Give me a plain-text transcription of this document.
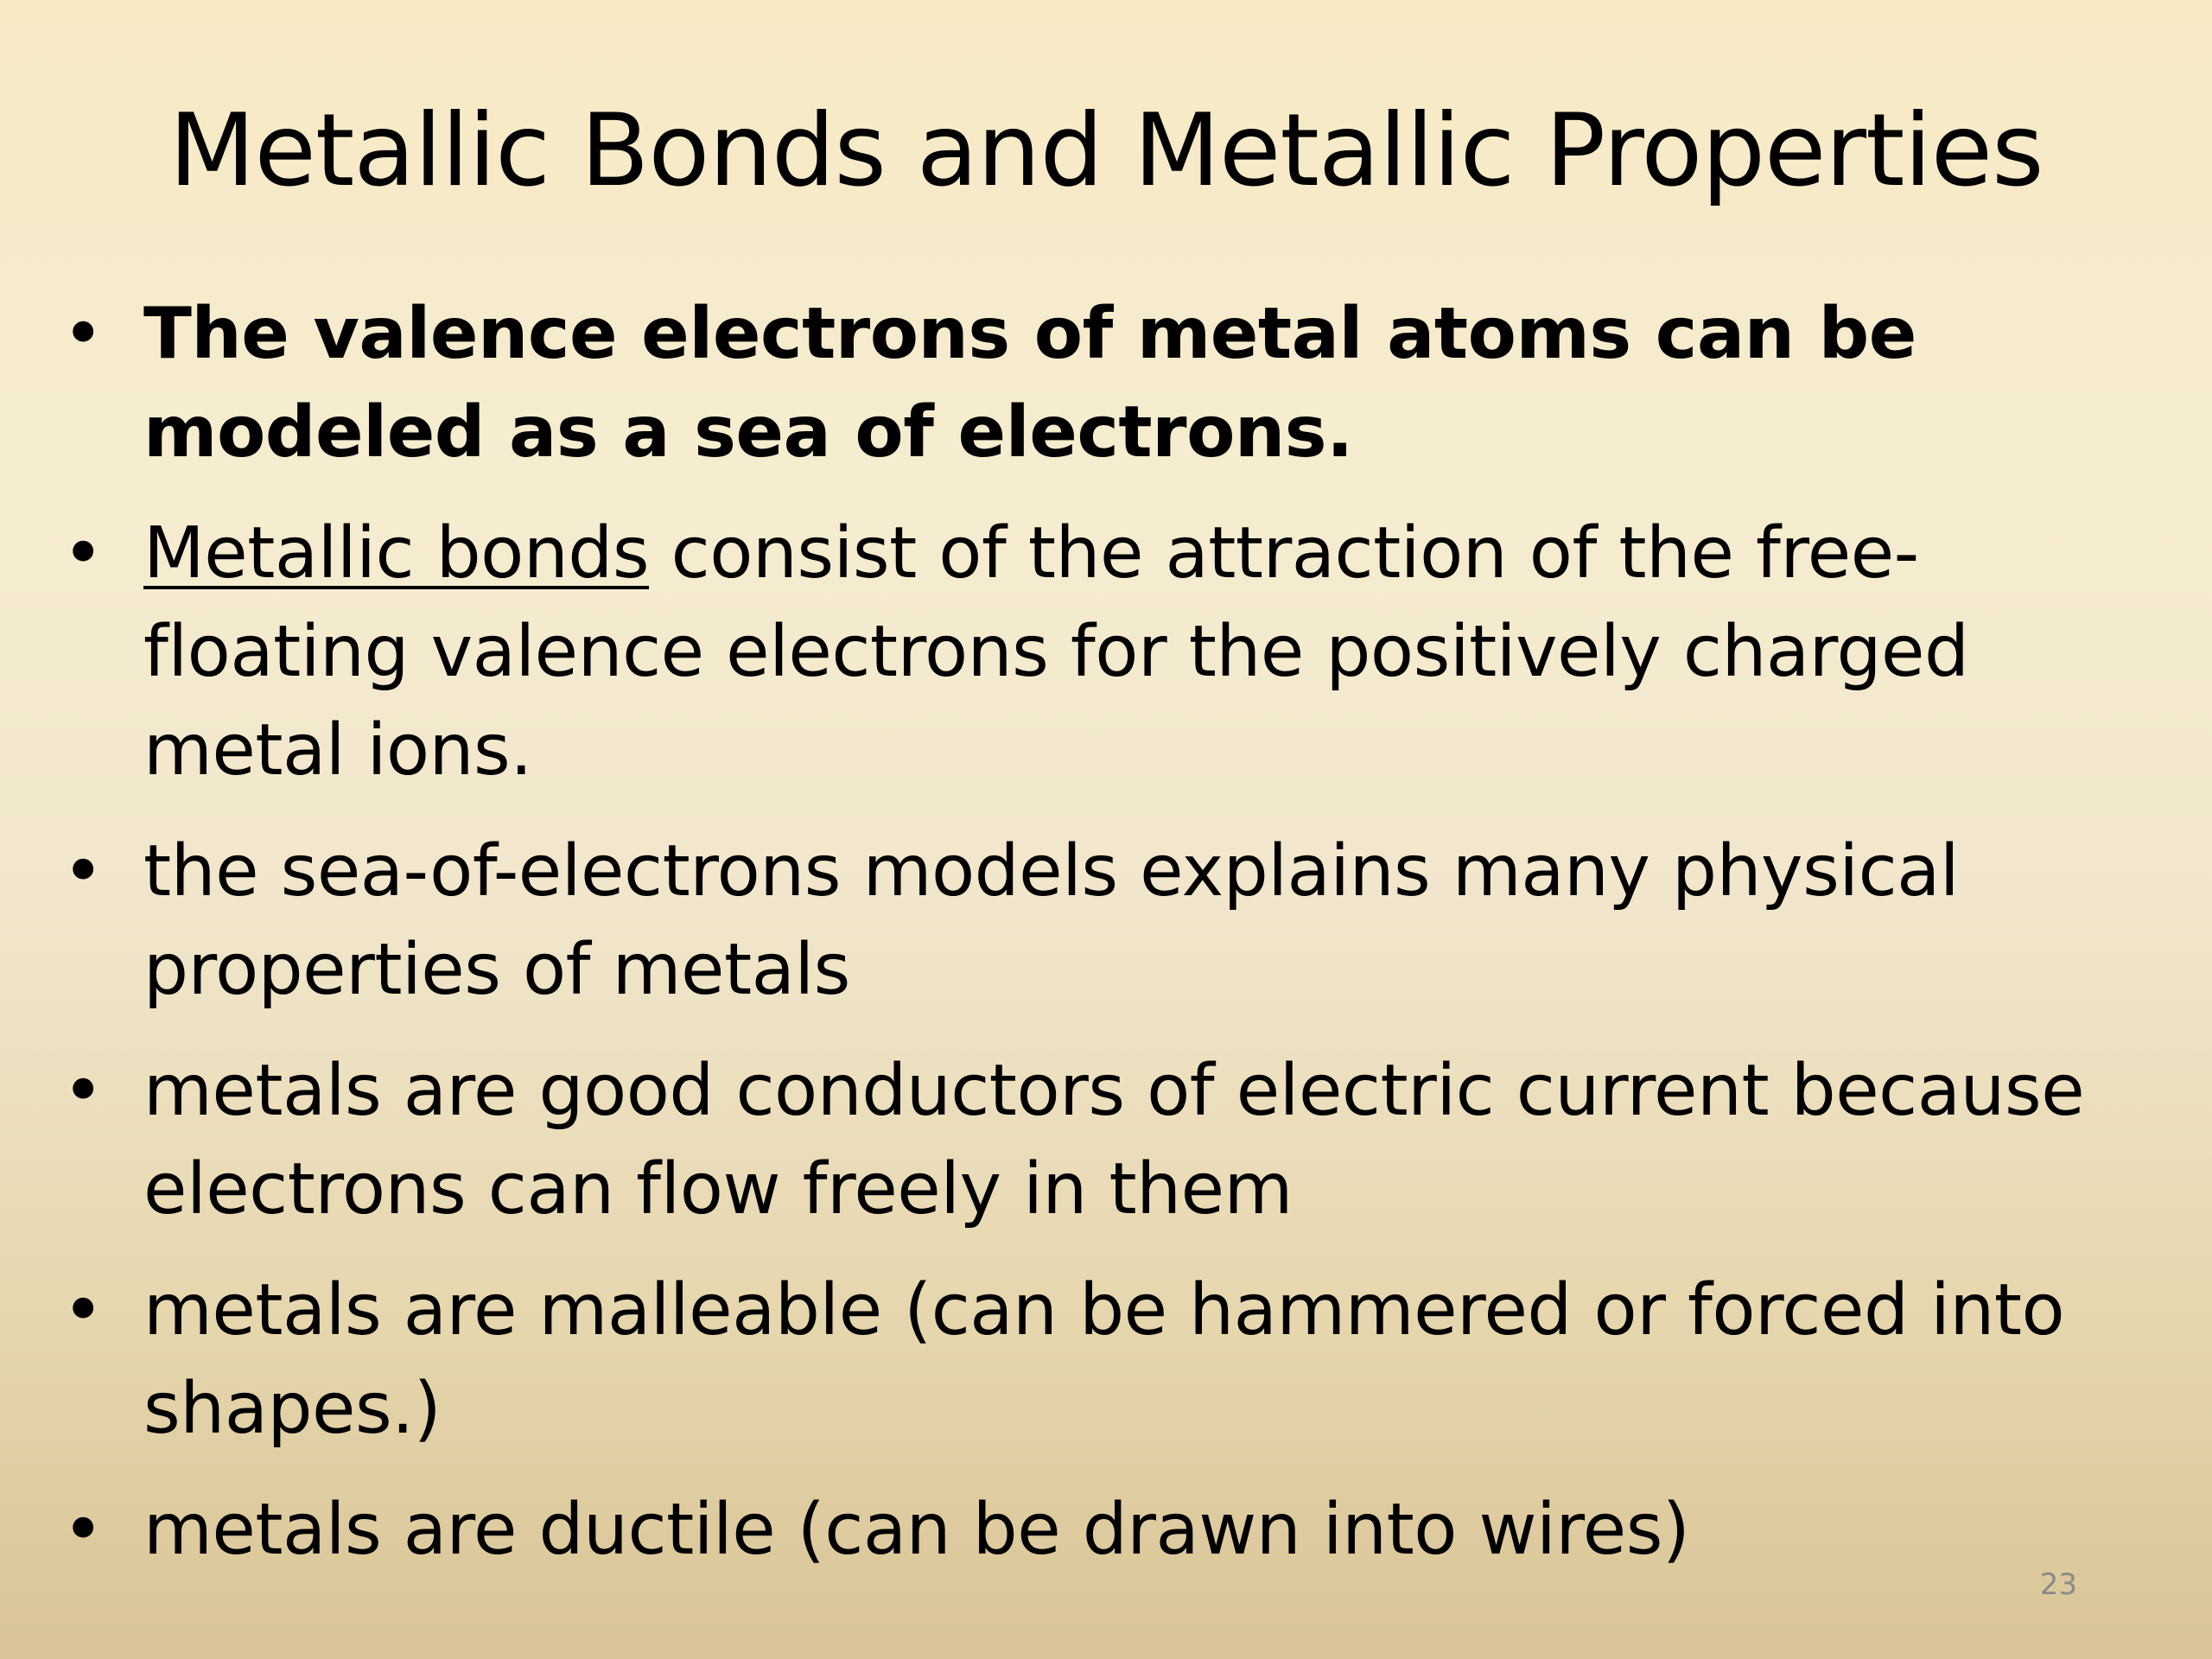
Metallic Bonds and Metallic Properties
• The valence electrons of metal atoms can be modeled as a sea of electrons.
• Metallic bonds consist of the attraction of the free-floating valence electrons for the positively charged metal ions.
• the sea-of-electrons models explains many physical properties of metals
• metals are good conductors of electric current because electrons can flow freely in them
• metals are malleable (can be hammered or forced into shapes.)
• metals are ductile (can be drawn into wires)
23
